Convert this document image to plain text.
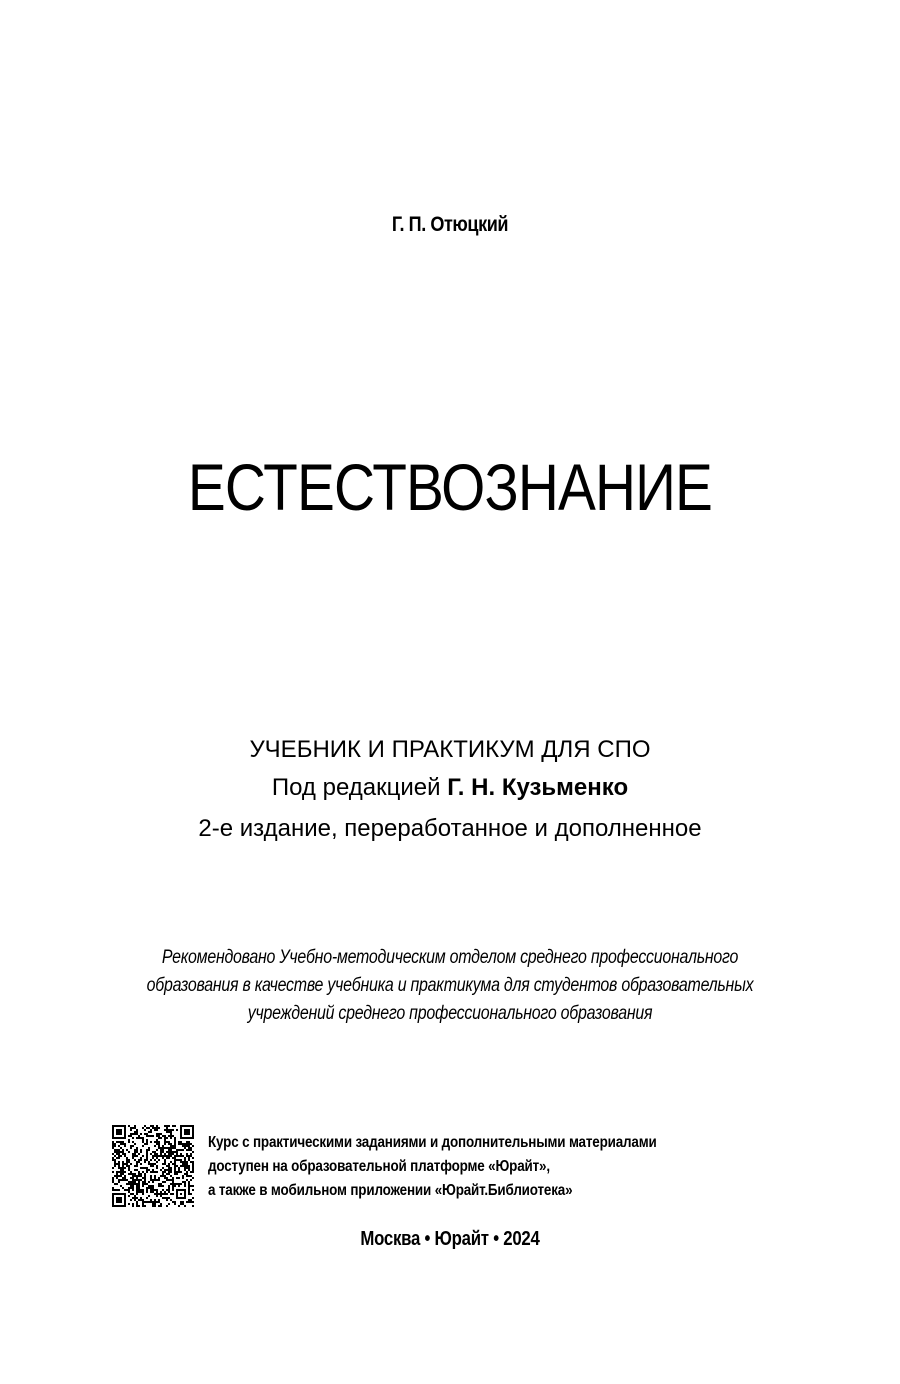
Г. П. Отюцкий
ЕСТЕСТВОЗНАНИЕ
УЧЕБНИК И ПРАКТИКУМ ДЛЯ СПО
Под редакцией Г. Н. Кузьменко
2-е издание, переработанное и дополненное
Рекомендовано Учебно-методическим отделом среднего профессионального
образования в качестве учебника и практикума для студентов образовательных
учреждений среднего профессионального образования
Курс с практическими заданиями и дополнительными материалами
доступен на образовательной платформе «Юрайт»,
а также в мобильном приложении «Юрайт.Библиотека»
Москва • Юрайт • 2024
